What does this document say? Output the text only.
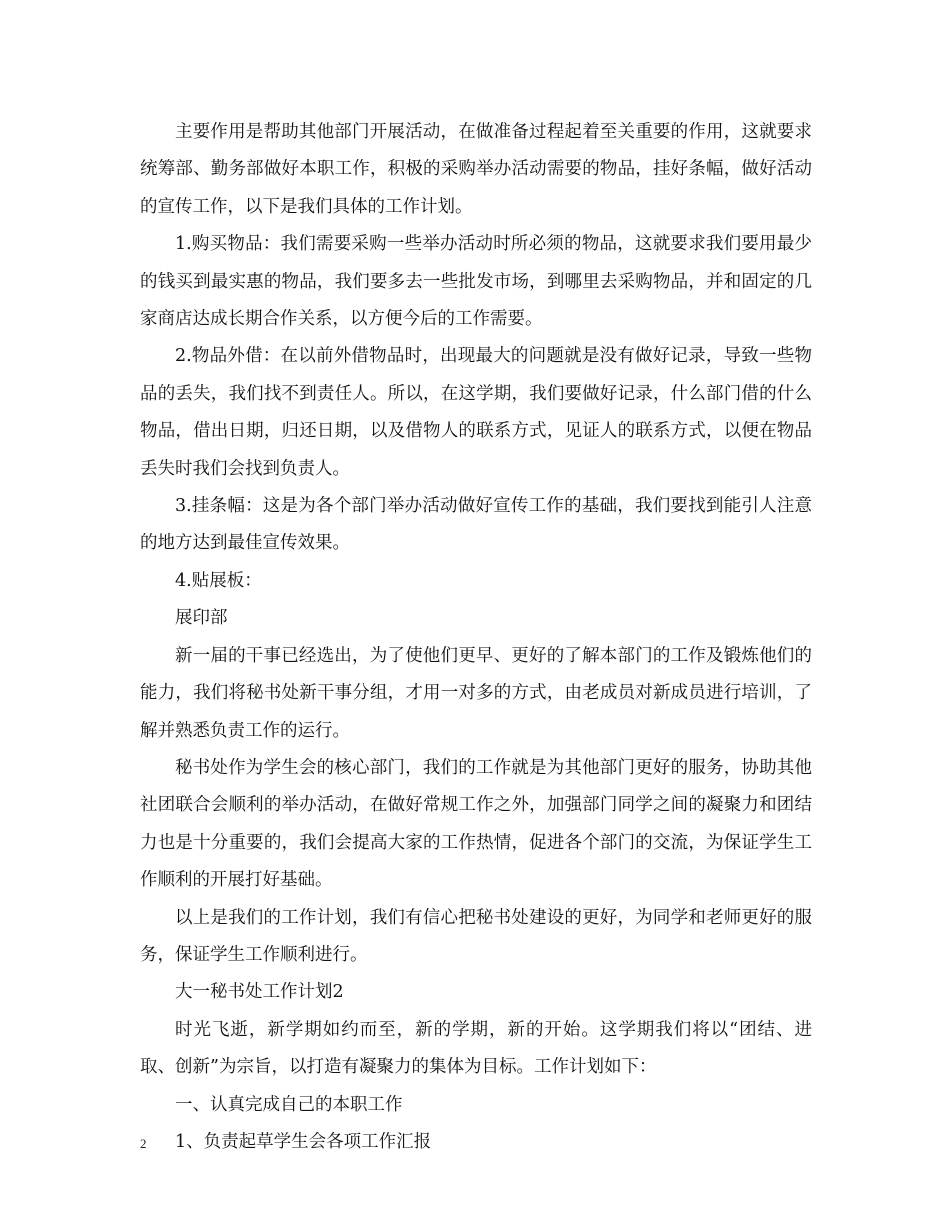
主要作用是帮助其他部门开展活动，在做准备过程起着至关重要的作用，这就要求统筹部、勤务部做好本职工作，积极的采购举办活动需要的物品，挂好条幅，做好活动的宣传工作，以下是我们具体的工作计划。

1.购买物品：我们需要采购一些举办活动时所必须的物品，这就要求我们要用最少的钱买到最实惠的物品，我们要多去一些批发市场，到哪里去采购物品，并和固定的几家商店达成长期合作关系，以方便今后的工作需要。

2.物品外借：在以前外借物品时，出现最大的问题就是没有做好记录，导致一些物品的丢失，我们找不到责任人。所以，在这学期，我们要做好记录，什么部门借的什么物品，借出日期，归还日期，以及借物人的联系方式，见证人的联系方式，以便在物品丢失时我们会找到负责人。

3.挂条幅：这是为各个部门举办活动做好宣传工作的基础，我们要找到能引人注意的地方达到最佳宣传效果。

4.贴展板：

展印部

新一届的干事已经选出，为了使他们更早、更好的了解本部门的工作及锻炼他们的能力，我们将秘书处新干事分组，才用一对多的方式，由老成员对新成员进行培训，了解并熟悉负责工作的运行。

秘书处作为学生会的核心部门，我们的工作就是为其他部门更好的服务，协助其他社团联合会顺利的举办活动，在做好常规工作之外，加强部门同学之间的凝聚力和团结力也是十分重要的，我们会提高大家的工作热情，促进各个部门的交流，为保证学生工作顺利的开展打好基础。

以上是我们的工作计划，我们有信心把秘书处建设的更好，为同学和老师更好的服务，保证学生工作顺利进行。

大一秘书处工作计划2

时光飞逝，新学期如约而至，新的学期，新的开始。这学期我们将以“团结、进取、创新”为宗旨，以打造有凝聚力的集体为目标。工作计划如下：

一、认真完成自己的本职工作

1、负责起草学生会各项工作汇报

2
